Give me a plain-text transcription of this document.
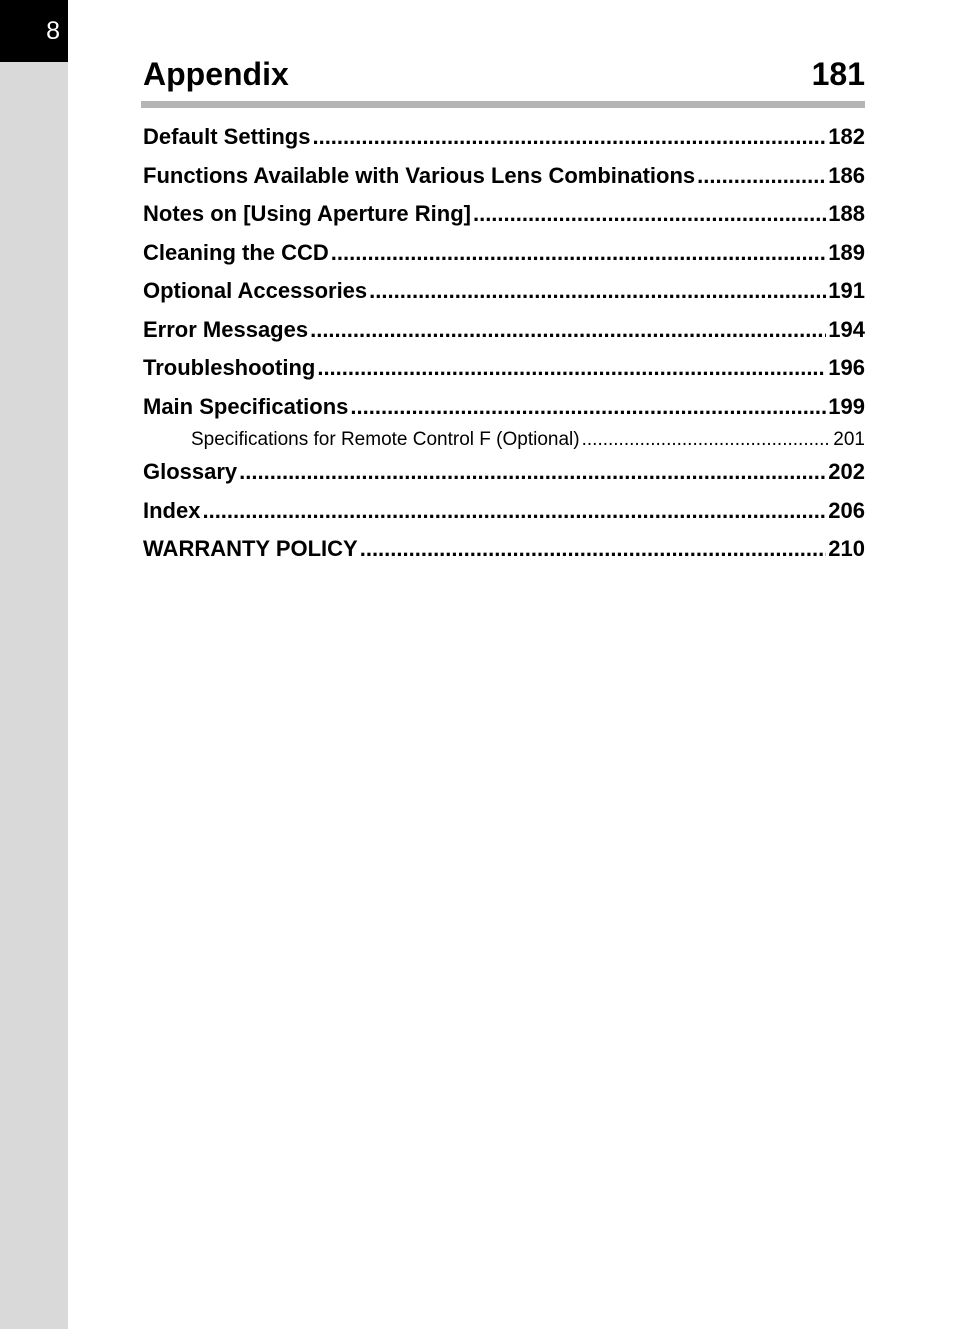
8
Appendix	181
Default Settings .....	182
Functions Available with Various Lens Combinations .....	186
Notes on [Using Aperture Ring] .....	188
Cleaning the CCD .....	189
Optional Accessories .....	191
Error Messages .....	194
Troubleshooting .....	196
Main Specifications .....	199
Specifications for Remote Control F (Optional) .....	201
Glossary .....	202
Index .....	206
WARRANTY POLICY .....	210
